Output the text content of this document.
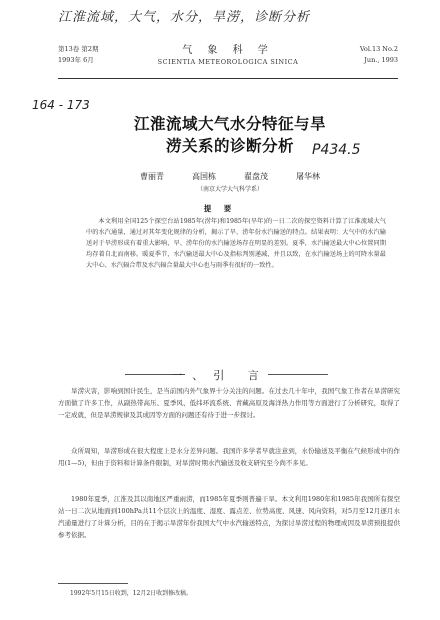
江淮流域，大气，水分，旱涝，诊断分析
第13卷 第2期
1993年 6月
气 象 科 学
SCIENTIA METEOROLOGICA SINICA
Vol.13 No.2
Jun., 1993
164 - 173
P434.5
江淮流域大气水分特征与旱
涝关系的诊断分析
曹丽青	高国栋	翟盘茂	屠华林
（南京大学大气科学系）
提 要

本文利用全国125个探空台站1985年(涝年)和1985年(旱年)的一日二次的探空资料计算了江淮流域大气中的水汽通量，通过对其年变化规律的分析，揭示了旱、涝年份水汽输送的特点。结果表明：大气中的水汽输送对于旱涝形成有着重大影响，旱、涝年份的水汽输送场存在明显的差别。夏季，水汽输送最大中心位置同期均存着自北而南移。暖夏季节，水汽输送最大中心及指标判别递减，并且以致，在水汽输送场上的可降水量最大中心、水汽辐合带及水汽辐合量最大中心也与雨季有很好的一致性。

一、引 言

旱涝灾害，影响到国计民生，是当前国内外气象界十分关注的问题。在过去几十年中，我国气象工作者在旱涝研究方面做了许多工作，从副热带高压、夏季风、低纬环流系统、青藏高原及海洋热力作用等方面进行了分析研究，取得了一定成就，但是旱涝规律及其成因等方面的问题还有待于进一步探讨。

众所周知，旱涝形成在很大程度上是水分差异问题。我国许多学者早就注意到，水份输送及平衡在气候形成中的作用(1—5)，但由于资料和计算条件限制，对旱涝时期水汽输送及收支研究至今尚不多见。

1980年夏季，江淮及其以南地区严重雨涝，而1985年夏季则普遍干旱。本文利用1980年和1985年我国所有探空站一日二次从地面到100hPa共11个层次上的温度、湿度、露点差、位势高度、风速、风向资料，对5月至12月逐月水汽通量进行了计算分析，目的在于揭示旱涝年份我国大气中水汽输送特点，为探讨旱涝过程的物理成因及旱涝预报提供参考依据。

1992年5月15日收到，12月2日收到修改稿。
